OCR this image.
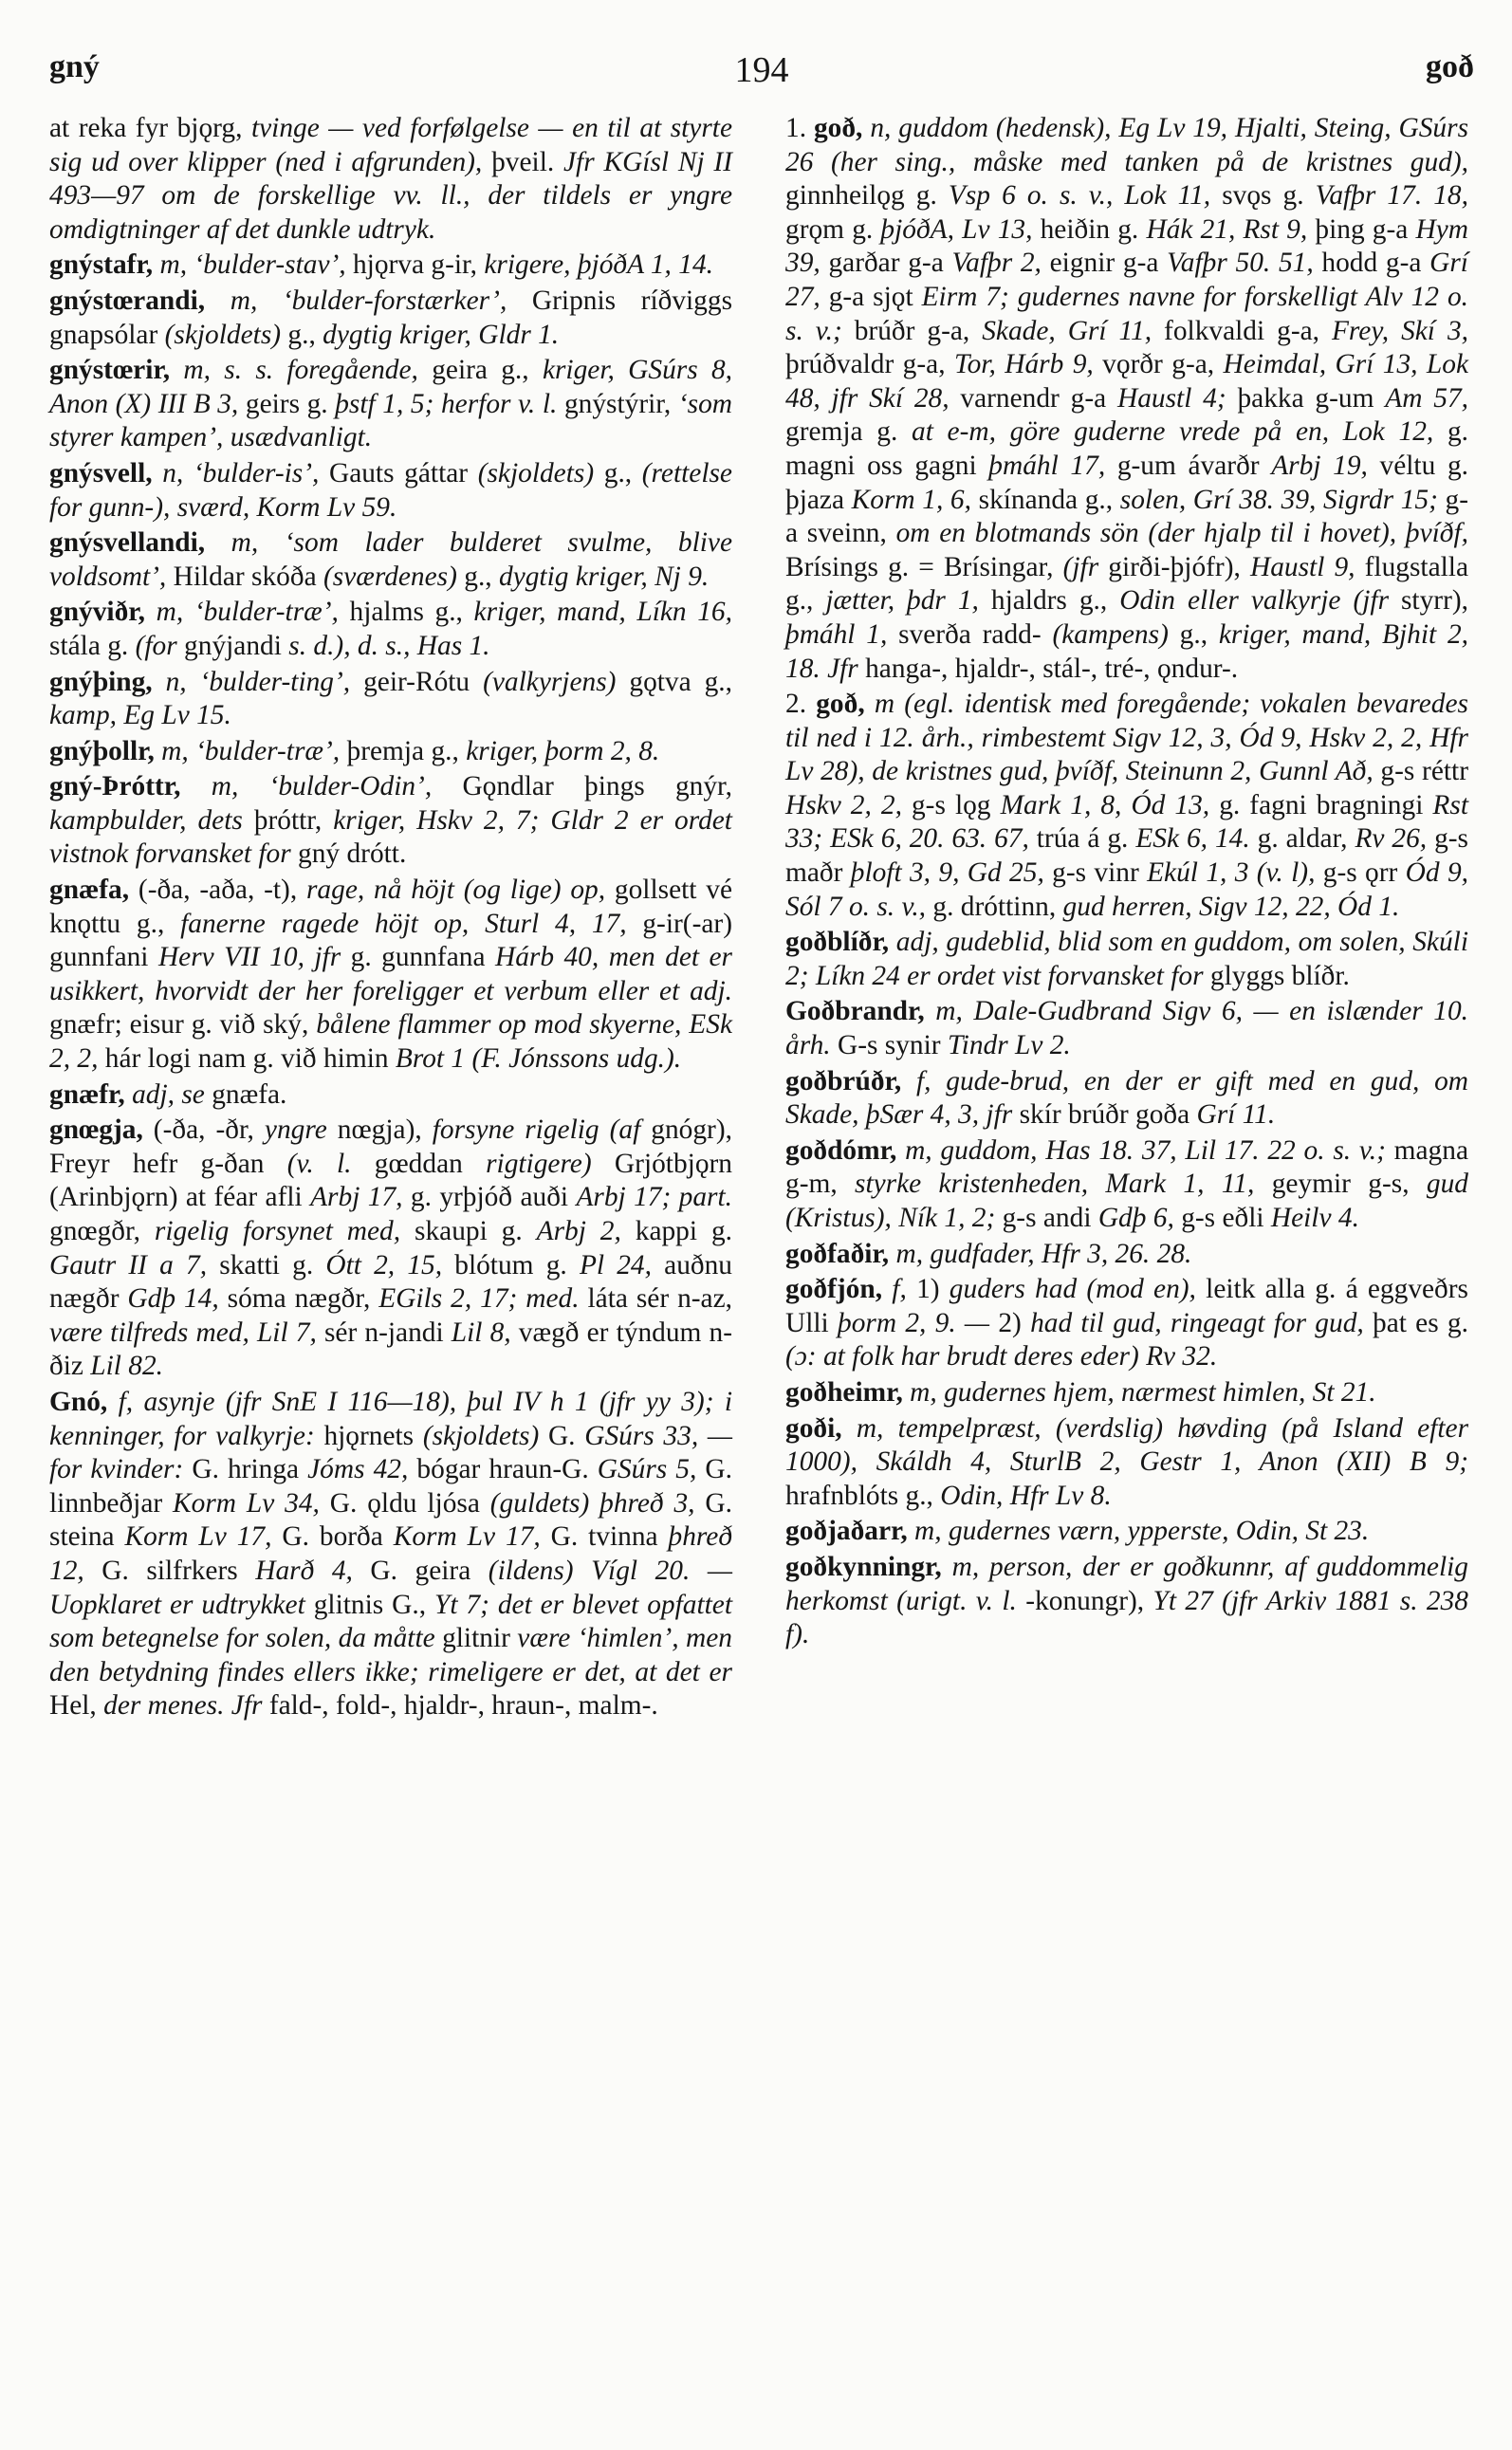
gný	194	goð

at reka fyr bjǫrg, tvinge — ved forfølgelse — en til at styrte sig ud over klipper (ned i afgrunden), þveil. Jfr KGísl Nj II 493—97 om de forskellige vv. ll., der tildels er yngre omdigtninger af det dunkle udtryk.

gnýstafr, m, ‘bulder-stav’, hjǫrva g-ir, krigere, þjóðA 1, 14.

gnýstœrandi, m, ‘bulder-forstærker’, Gripnis ríðviggs gnapsólar (skjoldets) g., dygtig kriger, Gldr 1.

gnýstœrir, m, s. s. foregående, geira g., kriger, GSúrs 8, Anon (X) III B 3, geirs g. þstf 1, 5; herfor v. l. gnýstýrir, ‘som styrer kampen’, usædvanligt.

gnýsvell, n, ‘bulder-is’, Gauts gáttar (skjoldets) g., (rettelse for gunn-), sværd, Korm Lv 59.

gnýsvellandi, m, ‘som lader bulderet svulme, blive voldsomt’, Hildar skóða (sværdenes) g., dygtig kriger, Nj 9.

gnýviðr, m, ‘bulder-træ’, hjalms g., kriger, mand, Líkn 16, stála g. (for gnýjandi s. d.), d. s., Has 1.

gnýþing, n, ‘bulder-ting’, geir-Rótu (valkyrjens) gǫtva g., kamp, Eg Lv 15.

gnýþollr, m, ‘bulder-træ’, þremja g., kriger, þorm 2, 8.

gný-Þróttr, m, ‘bulder-Odin’, Gǫndlar þings gnýr, kampbulder, dets þróttr, kriger, Hskv 2, 7; Gldr 2 er ordet vistnok forvansket for gný drótt.

gnæfa, (-ða, -aða, -t), rage, nå höjt (og lige) op, gollsett vé knǫttu g., fanerne ragede höjt op, Sturl 4, 17, g-ir(-ar) gunnfani Herv VII 10, jfr g. gunnfana Hárb 40, men det er usikkert, hvorvidt der her foreligger et verbum eller et adj. gnæfr; eisur g. við ský, bålene flammer op mod skyerne, ESk 2, 2, hár logi nam g. við himin Brot 1 (F. Jónssons udg.).

gnæfr, adj, se gnæfa.

gnœgja, (-ða, -ðr, yngre nœgja), forsyne rigelig (af gnógr), Freyr hefr g-ðan (v. l. gœddan rigtigere) Grjótbjǫrn (Arinbjǫrn) at féar afli Arbj 17, g. yrþjóð auði Arbj 17; part. gnœgðr, rigelig forsynet med, skaupi g. Arbj 2, kappi g. Gautr II a 7, skatti g. Ótt 2, 15, blótum g. Pl 24, auðnu nægðr Gdþ 14, sóma nægðr, EGils 2, 17; med. láta sér n-az, være tilfreds med, Lil 7, sér n-jandi Lil 8, vægð er týndum n-ðiz Lil 82.

Gnó, f, asynje (jfr SnE I 116—18), þul IV h 1 (jfr yy 3); i kenninger, for valkyrje: hjǫrnets (skjoldets) G. GSúrs 33, — for kvinder: G. hringa Jóms 42, bógar hraun-G. GSúrs 5, G. linnbeðjar Korm Lv 34, G. ǫldu ljósa (guldets) þhreð 3, G. steina Korm Lv 17, G. borða Korm Lv 17, G. tvinna þhreð 12, G. silfrkers Harð 4, G. geira (ildens) Vígl 20. — Uopklaret er udtrykket glitnis G., Yt 7; det er blevet opfattet som betegnelse for solen, da måtte glitnir være ‘himlen’, men den betydning findes ellers ikke; rimeligere er det, at det er Hel, der menes. Jfr fald-, fold-, hjaldr-, hraun-, malm-.

1. goð, n, guddom (hedensk), Eg Lv 19, Hjalti, Steing, GSúrs 26 (her sing., måske med tanken på de kristnes gud), ginnheilǫg g. Vsp 6 o. s. v., Lok 11, svǫs g. Vafþr 17. 18, grǫm g. þjóðA, Lv 13, heiðin g. Hák 21, Rst 9, þing g-a Hym 39, garðar g-a Vafþr 2, eignir g-a Vafþr 50. 51, hodd g-a Grí 27, g-a sjǫt Eirm 7; gudernes navne for forskelligt Alv 12 o. s. v.; brúðr g-a, Skade, Grí 11, folkvaldi g-a, Frey, Skí 3, þrúðvaldr g-a, Tor, Hárb 9, vǫrðr g-a, Heimdal, Grí 13, Lok 48, jfr Skí 28, varnendr g-a Haustl 4; þakka g-um Am 57, gremja g. at e-m, göre guderne vrede på en, Lok 12, g. magni oss gagni þmáhl 17, g-um ávarðr Arbj 19, véltu g. þjaza Korm 1, 6, skínanda g., solen, Grí 38. 39, Sigrdr 15; g-a sveinn, om en blotmands sön (der hjalp til i hovet), þvíðf, Brísings g. = Brísingar, (jfr girði-þjófr), Haustl 9, flugstalla g., jætter, þdr 1, hjaldrs g., Odin eller valkyrje (jfr styrr), þmáhl 1, sverða radd- (kampens) g., kriger, mand, Bjhit 2, 18. Jfr hanga-, hjaldr-, stál-, tré-, ǫndur-.

2. goð, m (egl. identisk med foregående; vokalen bevaredes til ned i 12. årh., rimbestemt Sigv 12, 3, Ód 9, Hskv 2, 2, Hfr Lv 28), de kristnes gud, þvíðf, Steinunn 2, Gunnl Að, g-s réttr Hskv 2, 2, g-s lǫg Mark 1, 8, Ód 13, g. fagni bragningi Rst 33; ESk 6, 20. 63. 67, trúa á g. ESk 6, 14. g. aldar, Rv 26, g-s maðr þloft 3, 9, Gd 25, g-s vinr Ekúl 1, 3 (v. l), g-s ǫrr Ód 9, Sól 7 o. s. v., g. dróttinn, gud herren, Sigv 12, 22, Ód 1.

goðblíðr, adj, gudeblid, blid som en guddom, om solen, Skúli 2; Líkn 24 er ordet vist forvansket for glyggs blíðr.

Goðbrandr, m, Dale-Gudbrand Sigv 6, — en islænder 10. årh. G-s synir Tindr Lv 2.

goðbrúðr, f, gude-brud, en der er gift med en gud, om Skade, þSær 4, 3, jfr skír brúðr goða Grí 11.

goðdómr, m, guddom, Has 18. 37, Lil 17. 22 o. s. v.; magna g-m, styrke kristenheden, Mark 1, 11, geymir g-s, gud (Kristus), Ník 1, 2; g-s andi Gdþ 6, g-s eðli Heilv 4.

goðfaðir, m, gudfader, Hfr 3, 26. 28.

goðfjón, f, 1) guders had (mod en), leitk alla g. á eggveðrs Ulli þorm 2, 9. — 2) had til gud, ringeagt for gud, þat es g. (ɔ: at folk har brudt deres eder) Rv 32.

goðheimr, m, gudernes hjem, nærmest himlen, St 21.

goði, m, tempelpræst, (verdslig) høvding (på Island efter 1000), Skáldh 4, SturlB 2, Gestr 1, Anon (XII) B 9; hrafnblóts g., Odin, Hfr Lv 8.

goðjaðarr, m, gudernes værn, ypperste, Odin, St 23.

goðkynningr, m, person, der er goðkunnr, af guddommelig herkomst (urigt. v. l. -konungr), Yt 27 (jfr Arkiv 1881 s. 238 f).
